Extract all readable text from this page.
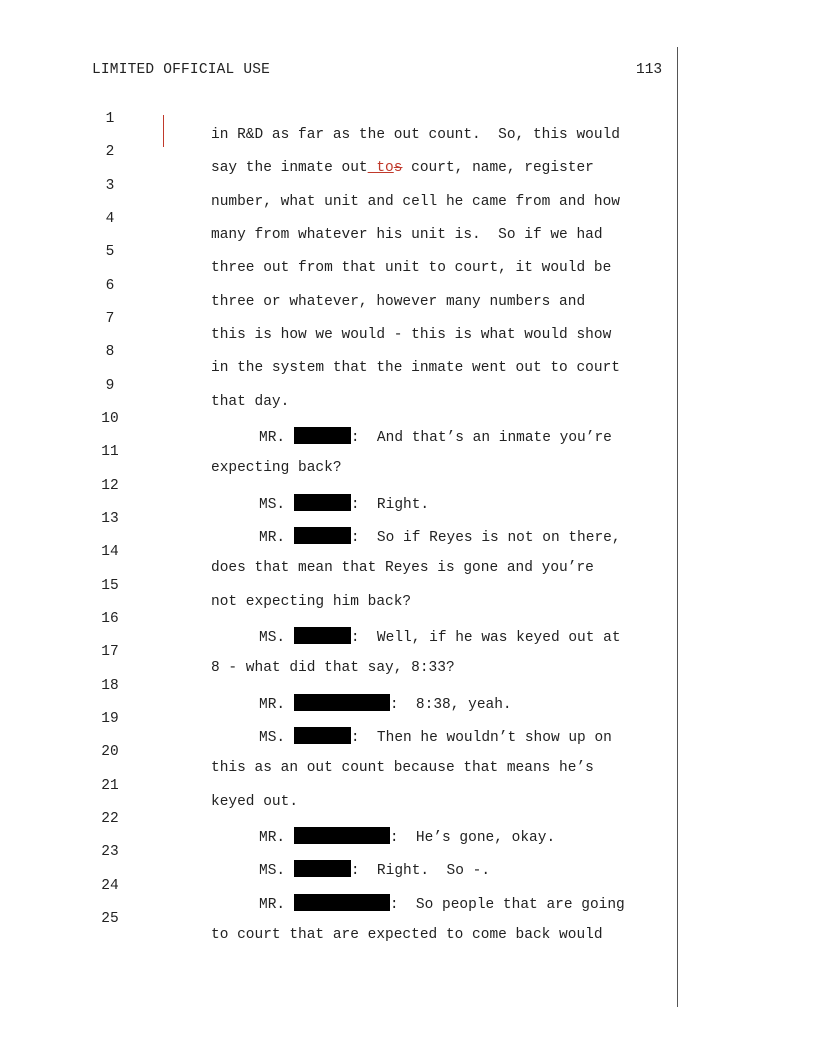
LIMITED OFFICIAL USE	113

1

in R&D as far as the out count.  So, this would

2

say the inmate out tos court, name, register

3

number, what unit and cell he came from and how

4

many from whatever his unit is.  So if we had

5

three out from that unit to court, it would be

6

three or whatever, however many numbers and

7

this is how we would - this is what would show

8

in the system that the inmate went out to court

9

that day.

10

MR.	:  And that’s an inmate you’re

11

expecting back?

12

MS.	:  Right.

13

MR.	:  So if Reyes is not on there,

14

does that mean that Reyes is gone and you’re

15

not expecting him back?

16

MS.	:  Well, if he was keyed out at

17

8 - what did that say, 8:33?

18

MR.	:  8:38, yeah.

19

MS.	:  Then he wouldn’t show up on

20

this as an out count because that means he’s

21

keyed out.

22

MR.	:  He’s gone, okay.

23

MS.	:  Right.  So -.

24

MR.	:  So people that are going

25

to court that are expected to come back would
